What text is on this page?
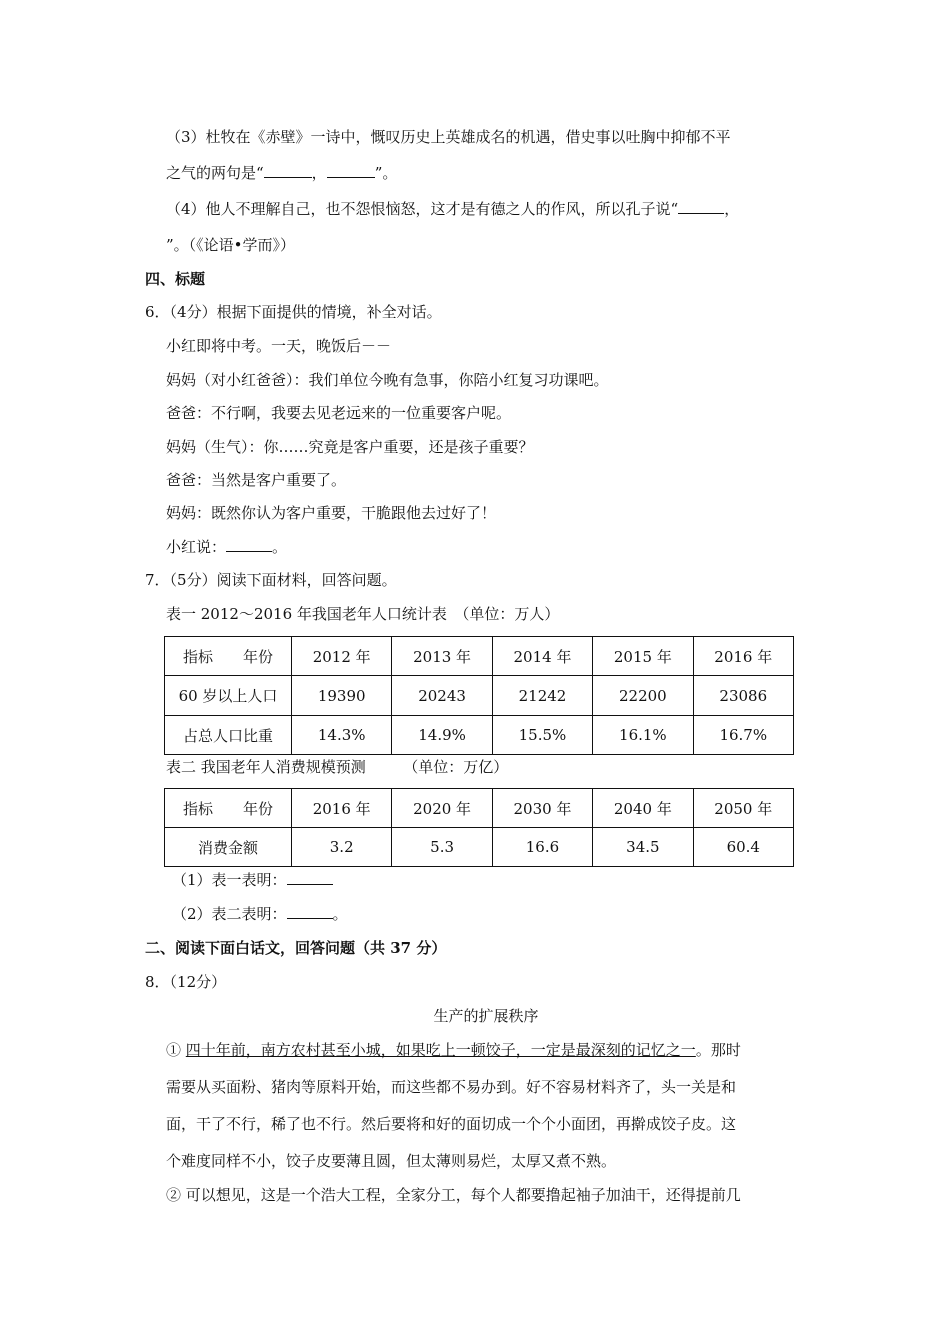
（3）杜牧在《赤壁》一诗中，慨叹历史上英雄成名的机遇，借史事以吐胸中抑郁不平
之气的两句是“	，	”。
（4）他人不理解自己，也不怨恨恼怒，这才是有德之人的作风，所以孔子说“	，
”。（《论语•学而》）
四、标题
6．（4分）根据下面提供的情境，补全对话。
小红即将中考。一天，晚饭后－－
妈妈（对小红爸爸）：我们单位今晚有急事，你陪小红复习功课吧。
爸爸：不行啊，我要去见老远来的一位重要客户呢。
妈妈（生气）：你……究竟是客户重要，还是孩子重要？
爸爸：当然是客户重要了。
妈妈：既然你认为客户重要，干脆跟他去过好了！
小红说：	。
7．（5分）阅读下面材料，回答问题。
表一 2012～2016 年我国老年人口统计表　（单位：万人）
指标　　年份	2012 年	2013 年	2014 年	2015 年	2016 年
60 岁以上人口	19390	20243	21242	22200	23086
占总人口比重	14.3%	14.9%	15.5%	16.1%	16.7%
表二 我国老年人消费规模预测　　　（单位：万亿）
指标　　年份	2016 年	2020 年	2030 年	2040 年	2050 年
消费金额	3.2	5.3	16.6	34.5	60.4
（1）表一表明：
（2）表二表明：	。
二、阅读下面白话文，回答问题（共 37 分）
8．（12分）
生产的扩展秩序
① 四十年前，南方农村甚至小城，如果吃上一顿饺子，一定是最深刻的记忆之一。那时
需要从买面粉、猪肉等原料开始，而这些都不易办到。好不容易材料齐了，头一关是和
面，干了不行，稀了也不行。然后要将和好的面切成一个个小面团，再擀成饺子皮。这
个难度同样不小，饺子皮要薄且圆，但太薄则易烂，太厚又煮不熟。
② 可以想见，这是一个浩大工程，全家分工，每个人都要撸起袖子加油干，还得提前几
